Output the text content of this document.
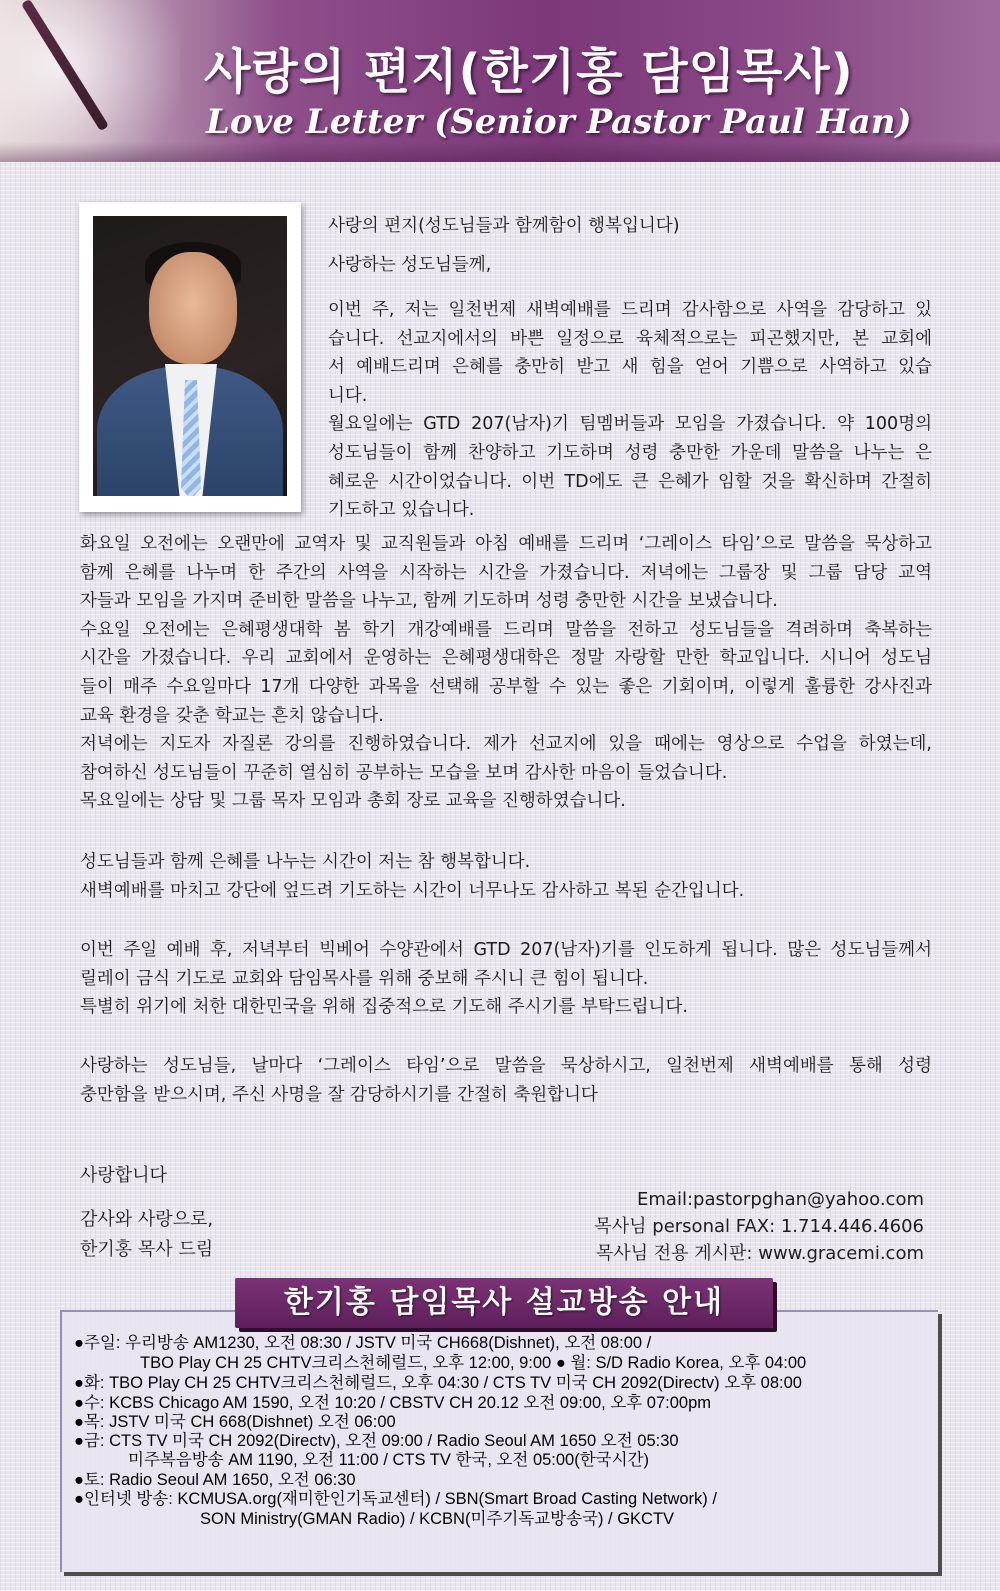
사랑의 편지(한기홍 담임목사)
Love Letter (Senior Pastor Paul Han)
사랑의 편지(성도님들과 함께함이 행복입니다)
사랑하는 성도님들께,
이번 주, 저는 일천번제 새벽예배를 드리며 감사함으로 사역을 감당하고 있
습니다. 선교지에서의 바쁜 일정으로 육체적으로는 피곤했지만, 본 교회에
서 예배드리며 은혜를 충만히 받고 새 힘을 얻어 기쁨으로 사역하고 있습
니다.
월요일에는 GTD 207(남자)기 팀멤버들과 모임을 가졌습니다. 약 100명의
성도님들이 함께 찬양하고 기도하며 성령 충만한 가운데 말씀을 나누는 은
혜로운 시간이었습니다. 이번 TD에도 큰 은혜가 임할 것을 확신하며 간절히
기도하고 있습니다.
화요일 오전에는 오랜만에 교역자 및 교직원들과 아침 예배를 드리며 ‘그레이스 타임’으로 말씀을 묵상하고
함께 은혜를 나누며 한 주간의 사역을 시작하는 시간을 가졌습니다. 저녁에는 그룹장 및 그룹 담당 교역
자들과 모임을 가지며 준비한 말씀을 나누고, 함께 기도하며 성령 충만한 시간을 보냈습니다.
수요일 오전에는 은혜평생대학 봄 학기 개강예배를 드리며 말씀을 전하고 성도님들을 격려하며 축복하는
시간을 가졌습니다. 우리 교회에서 운영하는 은혜평생대학은 정말 자랑할 만한 학교입니다. 시니어 성도님
들이 매주 수요일마다 17개 다양한 과목을 선택해 공부할 수 있는 좋은 기회이며, 이렇게 훌륭한 강사진과
교육 환경을 갖춘 학교는 흔치 않습니다.
저녁에는 지도자 자질론 강의를 진행하였습니다. 제가 선교지에 있을 때에는 영상으로 수업을 하였는데,
참여하신 성도님들이 꾸준히 열심히 공부하는 모습을 보며 감사한 마음이 들었습니다.
목요일에는 상담 및 그룹 목자 모임과 총회 장로 교육을 진행하였습니다.
성도님들과 함께 은혜를 나누는 시간이 저는 참 행복합니다.
새벽예배를 마치고 강단에 엎드려 기도하는 시간이 너무나도 감사하고 복된 순간입니다.
이번 주일 예배 후, 저녁부터 빅베어 수양관에서 GTD 207(남자)기를 인도하게 됩니다. 많은 성도님들께서
릴레이 금식 기도로 교회와 담임목사를 위해 중보해 주시니 큰 힘이 됩니다.
특별히 위기에 처한 대한민국을 위해 집중적으로 기도해 주시기를 부탁드립니다.
사랑하는 성도님들, 날마다 ‘그레이스 타임’으로 말씀을 묵상하시고, 일천번제 새벽예배를 통해 성령
충만함을 받으시며, 주신 사명을 잘 감당하시기를 간절히 축원합니다

사랑합니다

감사와 사랑으로,

한기홍 목사 드림

Email:pastorpghan@yahoo.com
목사님 personal FAX: 1.714.446.4606
목사님 전용 게시판: www.gracemi.com
한기홍 담임목사 설교방송 안내

●주일: 우리방송 AM1230, 오전 08:30 / JSTV 미국 CH668(Dishnet), 오전 08:00 /

TBO Play CH 25 CHTV크리스천헤럴드, 오후 12:00, 9:00 ● 월: S/D Radio Korea, 오후 04:00

●화: TBO Play CH 25 CHTV크리스천헤럴드, 오후 04:30 / CTS TV 미국 CH 2092(Directv) 오후 08:00

●수: KCBS Chicago AM 1590, 오전 10:20 / CBSTV CH 20.12 오전 09:00, 오후 07:00pm

●목: JSTV 미국 CH 668(Dishnet) 오전 06:00

●금: CTS TV 미국 CH 2092(Directv), 오전 09:00 / Radio Seoul AM 1650 오전 05:30

미주복음방송 AM 1190, 오전 11:00 / CTS TV 한국, 오전 05:00(한국시간)

●토: Radio Seoul AM 1650, 오전 06:30

●인터넷 방송: KCMUSA.org(재미한인기독교센터) / SBN(Smart Broad Casting Network) /

SON Ministry(GMAN Radio) / KCBN(미주기독교방송국) / GKCTV
